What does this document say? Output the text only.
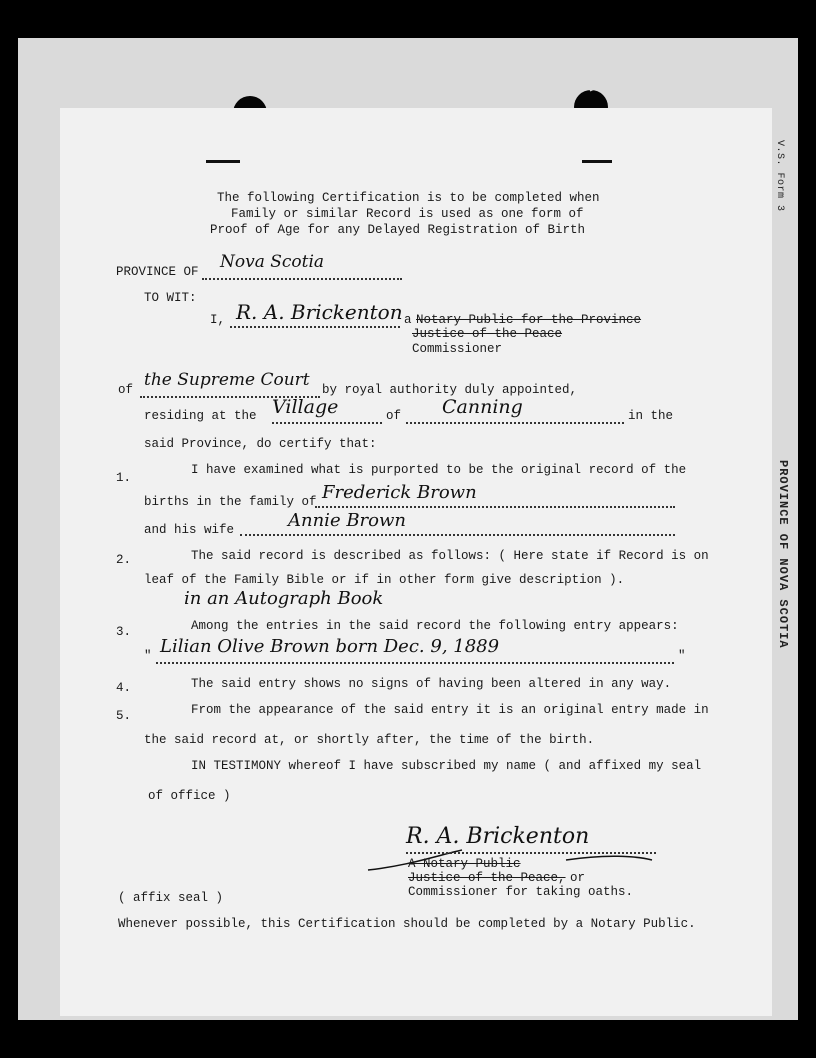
V.S. Form 3
PROVINCE OF NOVA SCOTIA
The following Certification is to be completed when
Family or similar Record is used as one form of
Proof of Age for any Delayed Registration of Birth
PROVINCE OF Nova Scotia
TO WIT:
I, R. A. Brickenton a Notary Public for the Province
Justice of the Peace
Commissioner
of the Supreme Court by royal authority duly appointed,
residing at the Village	of Canning	in the
said Province, do certify that:
1.
I have examined what is purported to be the original record of the
births in the family of Frederick Brown
and his wife	Annie Brown
2.	The said record is described as follows: ( Here state if Record is on
leaf of the Family Bible or if in other form give description ).
in an Autograph Book
3.	Among the entries in the said record the following entry appears:
" Lilian Olive Brown born Dec. 9, 1889	"
4.	The said entry shows no signs of having been altered in any way.
5.	From the appearance of the said entry it is an original entry made in
the said record at, or shortly after, the time of the birth.
IN TESTIMONY whereof I have subscribed my name ( and affixed my seal
of office )
R. A. Brickenton
A Notary Public
Justice of the Peace, or
Commissioner for taking oaths.
( affix seal )
Whenever possible, this Certification should be completed by a Notary Public.
